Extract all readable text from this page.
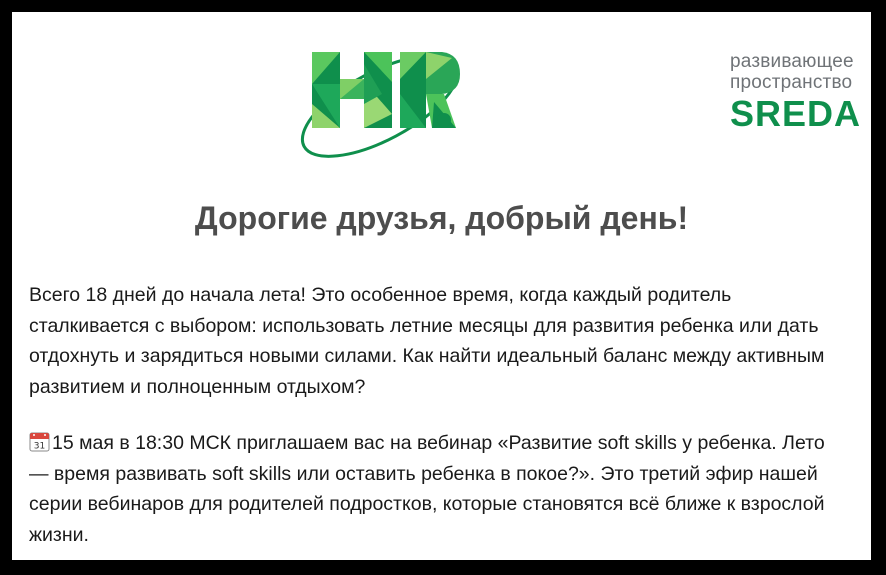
развивающее
пространство
SREDA
Дорогие друзья, добрый день!

Всего 18 дней до начала лета! Это особенное время, когда каждый родитель сталкивается с выбором: использовать летние месяцы для развития ребенка или дать отдохнуть и зарядиться новыми силами. Как найти идеальный баланс между активным развитием и полноценным отдыхом?

31 15 мая в 18:30 МСК приглашаем вас на вебинар «Развитие soft skills у ребенка. Лето — время развивать soft skills или оставить ребенка в покое?». Это третий эфир нашей серии вебинаров для родителей подростков, которые становятся всё ближе к взрослой жизни.
